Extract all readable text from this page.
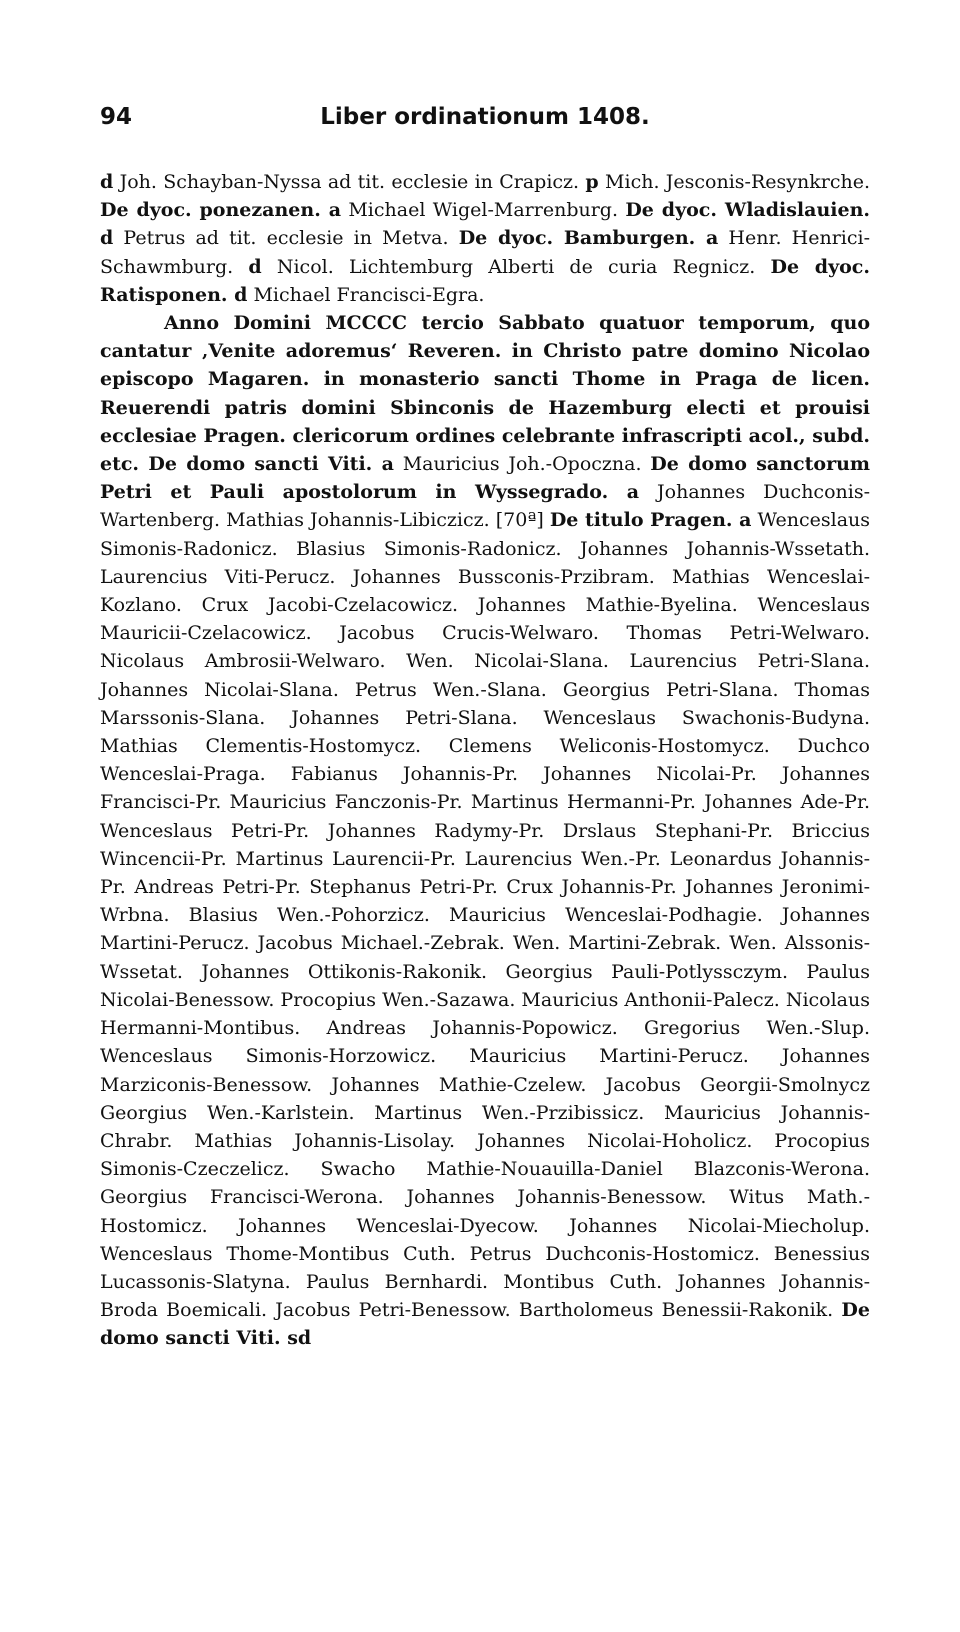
94	Liber ordinationum 1408.

d Joh. Schayban-Nyssa ad tit. ecclesie in Crapicz. p Mich. Jesconis-Resynkrche. De dyoc. ponezanen. a Michael Wigel-Marrenburg. De dyoc. Wladislauien. d Petrus ad tit. ecclesie in Metva. De dyoc. Bamburgen. a Henr. Henrici-Schawmburg. d Nicol. Lichtemburg Alberti de curia Regnicz. De dyoc. Ratisponen. d Michael Francisci-Egra.

Anno Domini MCCCC tercio Sabbato quatuor temporum, quo cantatur ‚Venite adoremus‘ Reveren. in Christo patre domino Nicolao episcopo Magaren. in monasterio sancti Thome in Praga de licen. Reuerendi patris domini Sbinconis de Hazemburg electi et prouisi ecclesiae Pragen. clericorum ordines celebrante infrascripti acol., subd. etc. De domo sancti Viti. a Mauricius Joh.-Opoczna. De domo sanctorum Petri et Pauli apostolorum in Wyssegrado. a Johannes Duchconis-Wartenberg. Mathias Johannis-Libiczicz. [70ª] De titulo Pragen. a Wenceslaus Simonis-Radonicz. Blasius Simonis-Radonicz. Johannes Johannis-Wssetath. Laurencius Viti-Perucz. Johannes Bussconis-Przibram. Mathias Wenceslai-Kozlano. Crux Jacobi-Czelacowicz. Johannes Mathie-Byelina. Wenceslaus Mauricii-Czelacowicz. Jacobus Crucis-Welwaro. Thomas Petri-Welwaro. Nicolaus Ambrosii-Welwaro. Wen. Nicolai-Slana. Laurencius Petri-Slana. Johannes Nicolai-Slana. Petrus Wen.-Slana. Georgius Petri-Slana. Thomas Marssonis-Slana. Johannes Petri-Slana. Wenceslaus Swachonis-Budyna. Mathias Clementis-Hostomycz. Clemens Weliconis-Hostomycz. Duchco Wenceslai-Praga. Fabianus Johannis-Pr. Johannes Nicolai-Pr. Johannes Francisci-Pr. Mauricius Fanczonis-Pr. Martinus Hermanni-Pr. Johannes Ade-Pr. Wenceslaus Petri-Pr. Johannes Radymy-Pr. Drslaus Stephani-Pr. Briccius Wincencii-Pr. Martinus Laurencii-Pr. Laurencius Wen.-Pr. Leonardus Johannis-Pr. Andreas Petri-Pr. Stephanus Petri-Pr. Crux Johannis-Pr. Johannes Jeronimi-Wrbna. Blasius Wen.-Pohorzicz. Mauricius Wenceslai-Podhagie. Johannes Martini-Perucz. Jacobus Michael.-Zebrak. Wen. Martini-Zebrak. Wen. Alssonis-Wssetat. Johannes Ottikonis-Rakonik. Georgius Pauli-Potlyssczym. Paulus Nicolai-Benessow. Procopius Wen.-Sazawa. Mauricius Anthonii-Palecz. Nicolaus Hermanni-Montibus. Andreas Johannis-Popowicz. Gregorius Wen.-Slup. Wenceslaus Simonis-Horzowicz. Mauricius Martini-Perucz. Johannes Marziconis-Benessow. Johannes Mathie-Czelew. Jacobus Georgii-Smolnycz Georgius Wen.-Karlstein. Martinus Wen.-Przibissicz. Mauricius Johannis-Chrabr. Mathias Johannis-Lisolay. Johannes Nicolai-Hoholicz. Procopius Simonis-Czeczelicz. Swacho Mathie-Nouauilla-Daniel Blazconis-Werona. Georgius Francisci-Werona. Johannes Johannis-Benessow. Witus Math.-Hostomicz. Johannes Wenceslai-Dyecow. Johannes Nicolai-Miecholup. Wenceslaus Thome-Montibus Cuth. Petrus Duchconis-Hostomicz. Benessius Lucassonis-Slatyna. Paulus Bernhardi. Montibus Cuth. Johannes Johannis-Broda Boemicali. Jacobus Petri-Benessow. Bartholomeus Benessii-Rakonik. De domo sancti Viti. sd
